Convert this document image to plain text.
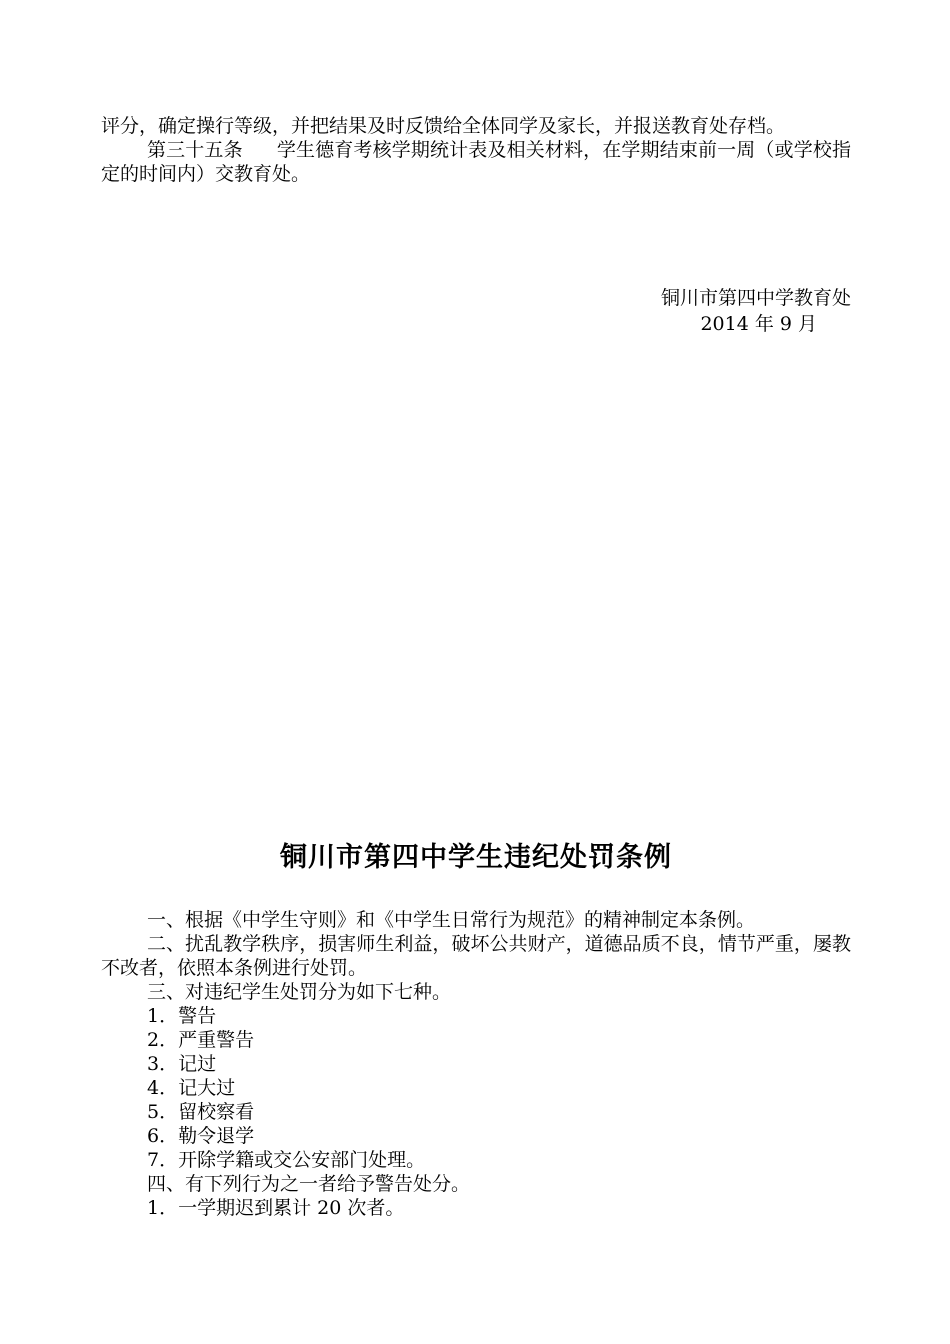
评分，确定操行等级，并把结果及时反馈给全体同学及家长，并报送教育处存档。

第三十五条 学生德育考核学期统计表及相关材料，在学期结束前一周（或学校指定的时间内）交教育处。

铜川市第四中学教育处
2014 年 9 月
铜川市第四中学生违纪处罚条例

一、根据《中学生守则》和《中学生日常行为规范》的精神制定本条例。

二、扰乱教学秩序，损害师生利益，破坏公共财产，道德品质不良，情节严重，屡教不改者，依照本条例进行处罚。

三、对违纪学生处罚分为如下七种。

1．警告

2．严重警告

3．记过

4．记大过

5．留校察看

6．勒令退学

7．开除学籍或交公安部门处理。

四、有下列行为之一者给予警告处分。

1．一学期迟到累计 20 次者。
